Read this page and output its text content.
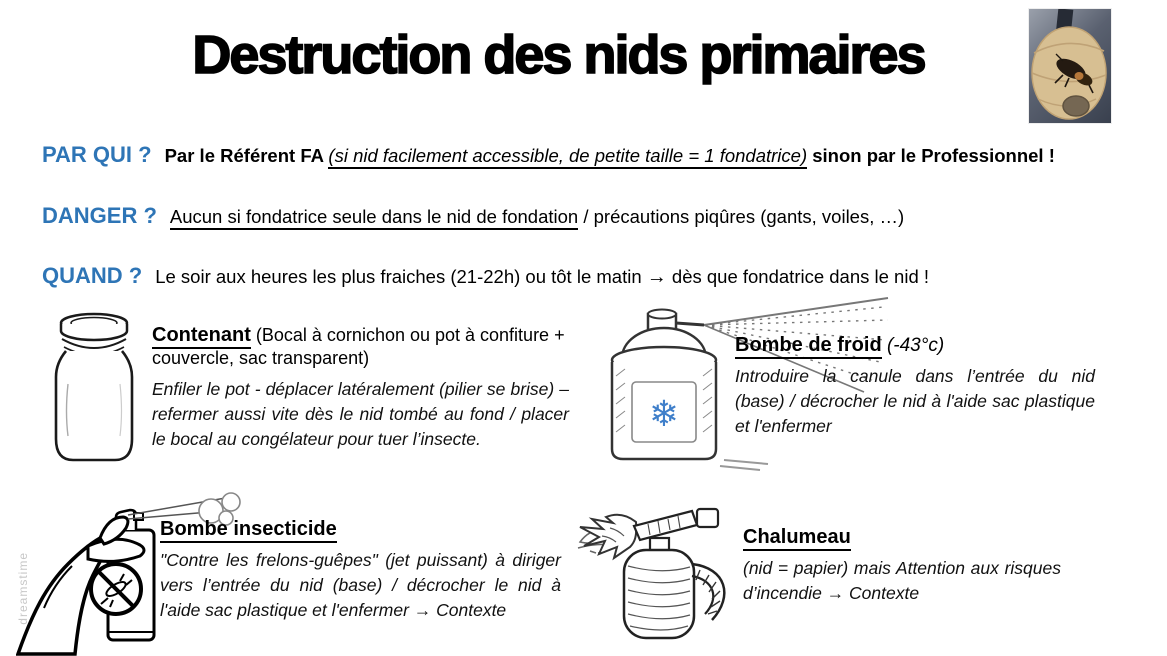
Destruction des nids primaires
PAR QUI ? Par le Référent FA (si nid facilement accessible, de petite taille = 1 fondatrice) sinon par le Professionnel !
DANGER ? Aucun si fondatrice seule dans le nid de fondation / précautions piqûres (gants, voiles, …)
QUAND ? Le soir aux heures les plus fraiches (21-22h) ou tôt le matin → dès que fondatrice dans le nid !
Contenant (Bocal à cornichon ou pot à confiture + couvercle, sac transparent)
Enfiler le pot - déplacer latéralement (pilier se brise) – refermer aussi vite dès le nid tombé au fond / placer le bocal au congélateur pour tuer l’insecte.
❄
Bombe de froid (-43°c)
Introduire la canule dans l’entrée du nid (base) / décrocher le nid à l'aide sac plastique et l'enfermer
Bombe insecticide
"Contre les frelons-guêpes" (jet puissant) à diriger vers l’entrée du nid (base) / décrocher le nid à l'aide sac plastique et l'enfermer → Contexte
Chalumeau
(nid = papier) mais Attention aux risques d’incendie → Contexte
dreamstime
